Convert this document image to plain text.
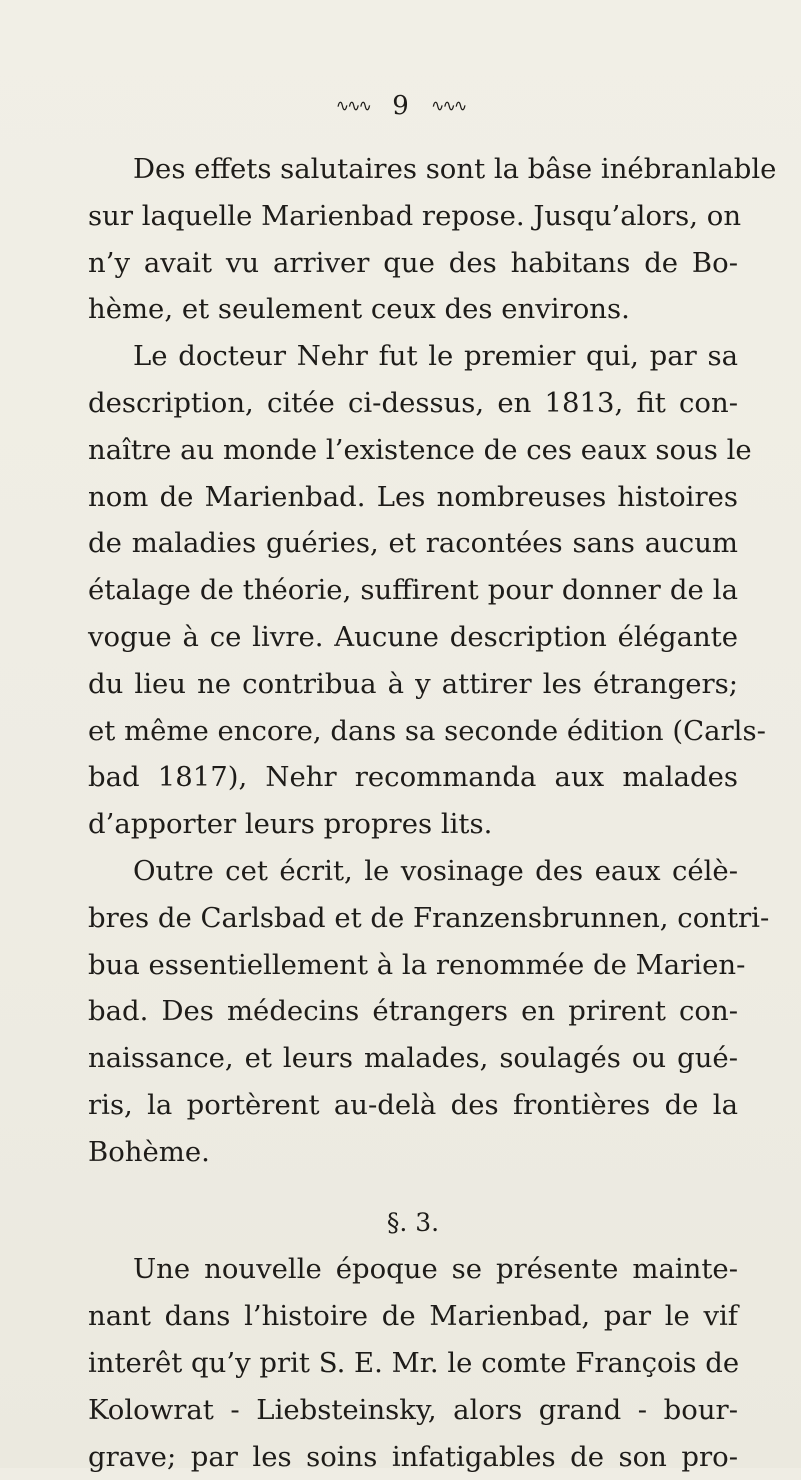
∿∿∿ 9 ∿∿∿
Des effets salutaires sont la bâse inébranlable
sur laquelle Marienbad repose. Jusqu’alors, on
n’y avait vu arriver que des habitans de Bo-
hème, et seulement ceux des environs.
Le docteur Nehr fut le premier qui, par sa
description, citée ci-dessus, en 1813, fit con-
naître au monde l’existence de ces eaux sous le
nom de Marienbad. Les nombreuses histoires
de maladies guéries, et racontées sans aucum
étalage de théorie, suffirent pour donner de la
vogue à ce livre. Aucune description élégante
du lieu ne contribua à y attirer les étrangers;
et même encore, dans sa seconde édition (Carls-
bad 1817), Nehr recommanda aux malades
d’apporter leurs propres lits.
Outre cet écrit, le vosinage des eaux célè-
bres de Carlsbad et de Franzensbrunnen, contri-
bua essentiellement à la renommée de Marien-
bad. Des médecins étrangers en prirent con-
naissance, et leurs malades, soulagés ou gué-
ris, la portèrent au-delà des frontières de la
Bohème.
§. 3.
Une nouvelle époque se présente mainte-
nant dans l’histoire de Marienbad, par le vif
interêt qu’y prit S. E. Mr. le comte François de
Kolowrat - Liebsteinsky, alors grand - bour-
grave; par les soins infatigables de son pro-
